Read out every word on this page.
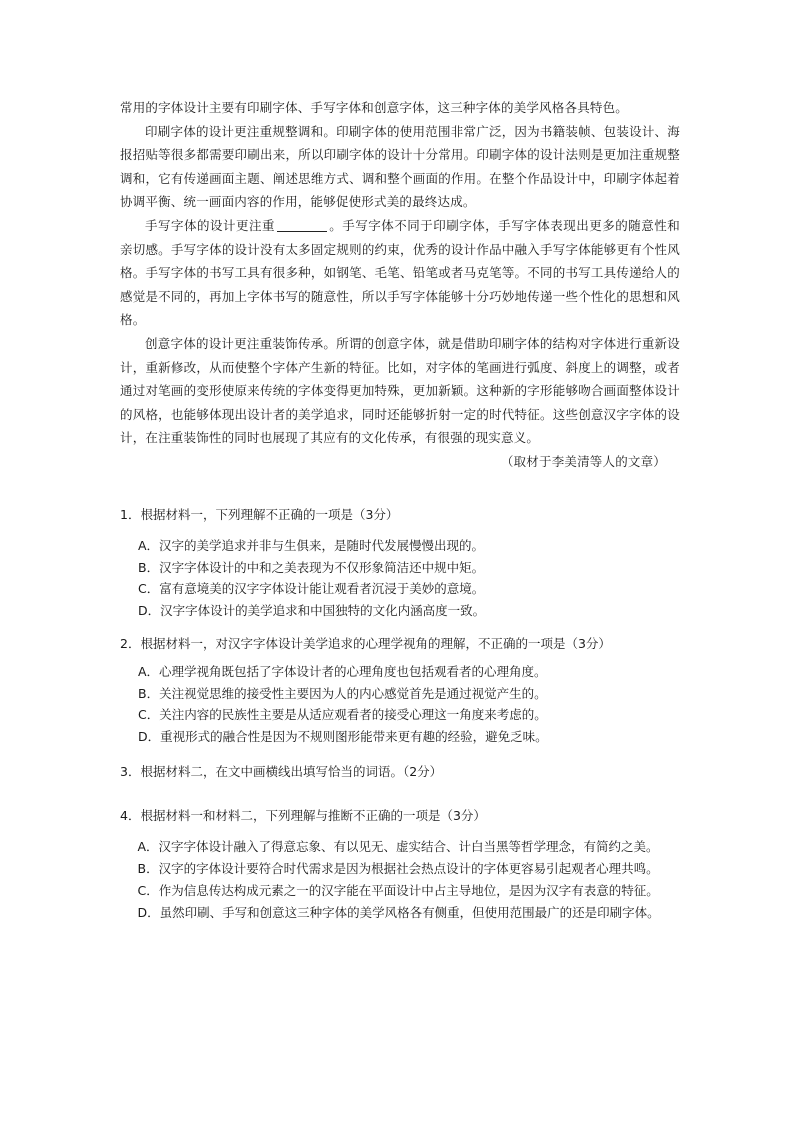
常用的字体设计主要有印刷字体、手写字体和创意字体，这三种字体的美学风格各具特色。

印刷字体的设计更注重规整调和。印刷字体的使用范围非常广泛，因为书籍装帧、包装设计、海报招贴等很多都需要印刷出来，所以印刷字体的设计十分常用。印刷字体的设计法则是更加注重规整调和，它有传递画面主题、阐述思维方式、调和整个画面的作用。在整个作品设计中，印刷字体起着协调平衡、统一画面内容的作用，能够促使形式美的最终达成。

手写字体的设计更注重	。手写字体不同于印刷字体，手写字体表现出更多的随意性和亲切感。手写字体的设计没有太多固定规则的约束，优秀的设计作品中融入手写字体能够更有个性风格。手写字体的书写工具有很多种，如钢笔、毛笔、铅笔或者马克笔等。不同的书写工具传递给人的感觉是不同的，再加上字体书写的随意性，所以手写字体能够十分巧妙地传递一些个性化的思想和风格。

创意字体的设计更注重装饰传承。所谓的创意字体，就是借助印刷字体的结构对字体进行重新设计，重新修改，从而使整个字体产生新的特征。比如，对字体的笔画进行弧度、斜度上的调整，或者通过对笔画的变形使原来传统的字体变得更加特殊，更加新颖。这种新的字形能够吻合画面整体设计的风格，也能够体现出设计者的美学追求，同时还能够折射一定的时代特征。这些创意汉字字体的设计，在注重装饰性的同时也展现了其应有的文化传承，有很强的现实意义。

（取材于李美清等人的文章）

1．根据材料一，下列理解不正确的一项是（3分）

A．汉字的美学追求并非与生俱来，是随时代发展慢慢出现的。
B．汉字字体设计的中和之美表现为不仅形象简洁还中规中矩。
C．富有意境美的汉字字体设计能让观看者沉浸于美妙的意境。
D．汉字字体设计的美学追求和中国独特的文化内涵高度一致。

2．根据材料一，对汉字字体设计美学追求的心理学视角的理解，不正确的一项是（3分）

A．心理学视角既包括了字体设计者的心理角度也包括观看者的心理角度。
B．关注视觉思维的接受性主要因为人的内心感觉首先是通过视觉产生的。
C．关注内容的民族性主要是从适应观看者的接受心理这一角度来考虑的。
D．重视形式的融合性是因为不规则图形能带来更有趣的经验，避免乏味。

3．根据材料二，在文中画横线出填写恰当的词语。（2分）

4．根据材料一和材料二，下列理解与推断不正确的一项是（3分）

A．汉字字体设计融入了得意忘象、有以见无、虚实结合、计白当黑等哲学理念，有简约之美。
B．汉字的字体设计要符合时代需求是因为根据社会热点设计的字体更容易引起观者心理共鸣。
C．作为信息传达构成元素之一的汉字能在平面设计中占主导地位，是因为汉字有表意的特征。
D．虽然印刷、手写和创意这三种字体的美学风格各有侧重，但使用范围最广的还是印刷字体。
